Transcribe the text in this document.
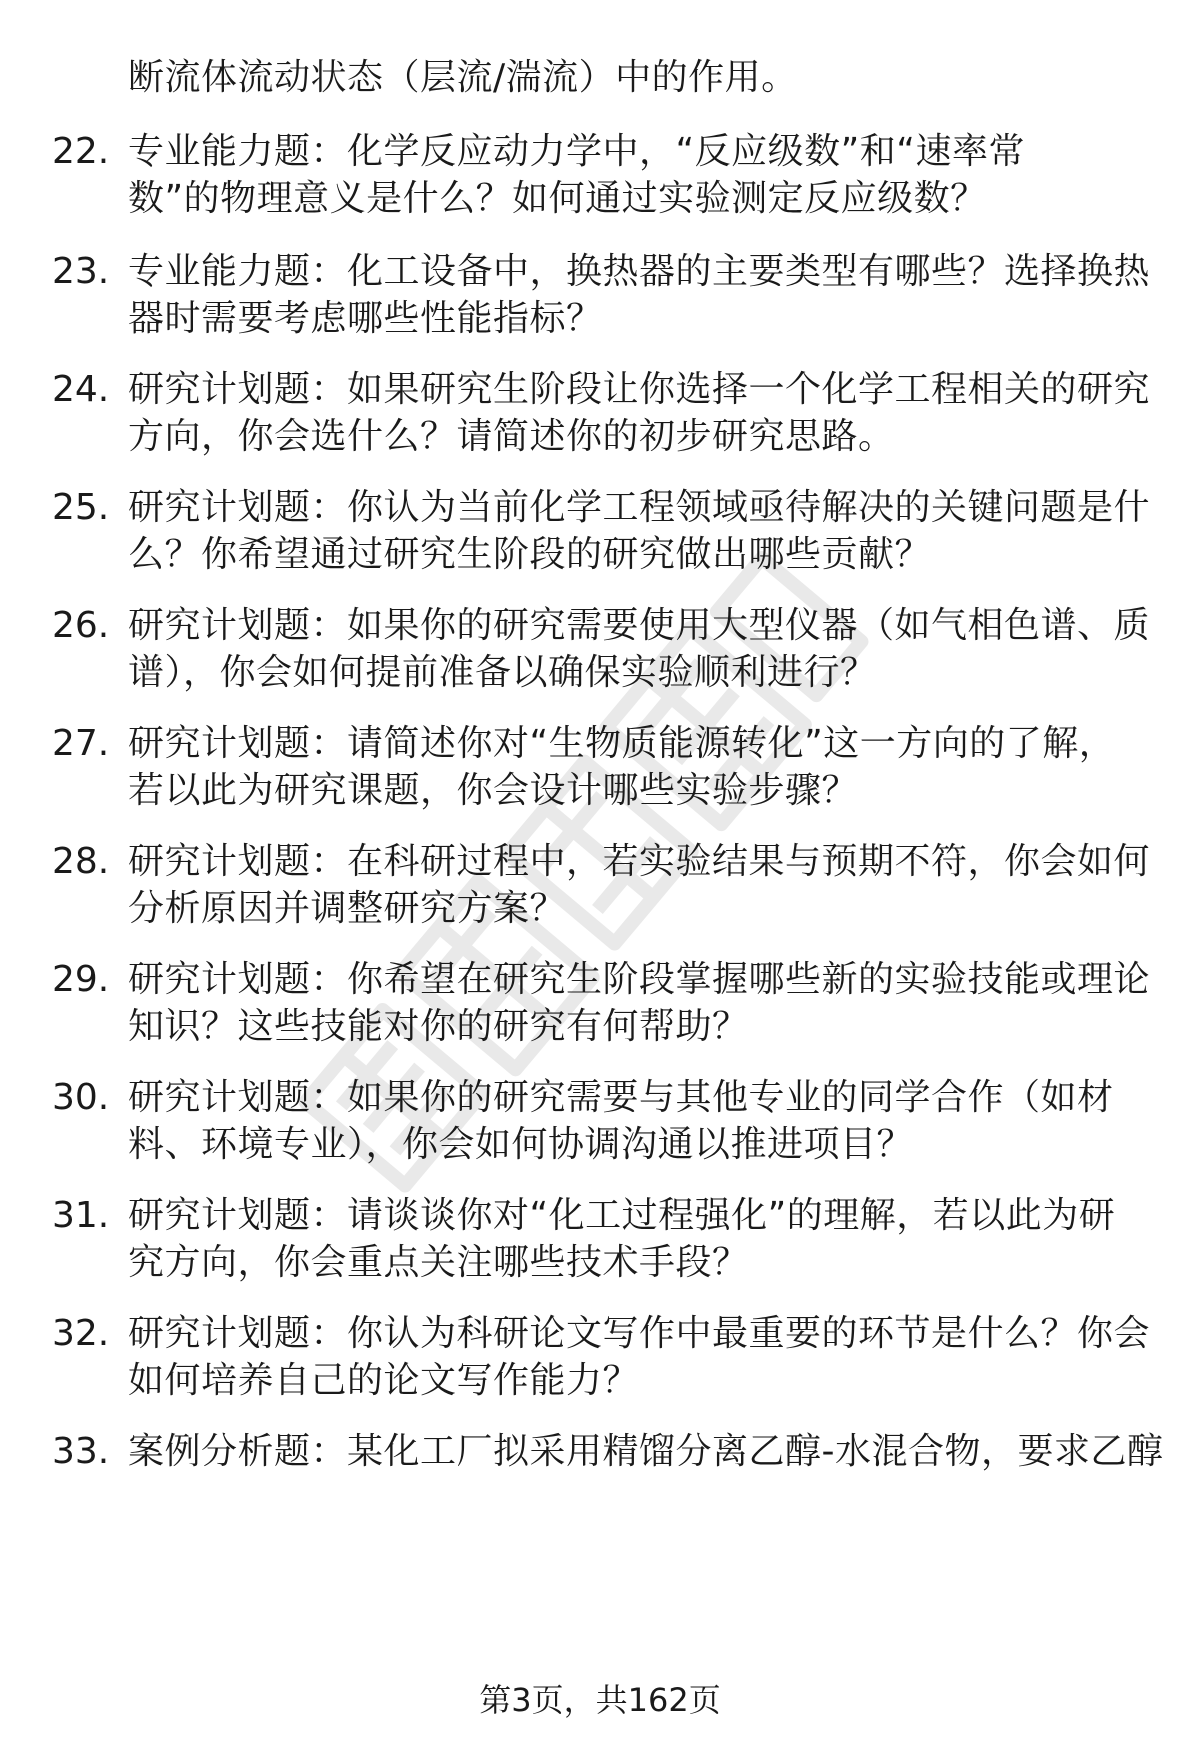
断流体流动状态（层流/湍流）中的作用。
22. 专业能力题：化学反应动力学中，“反应级数”和“速率常
数”的物理意义是什么？如何通过实验测定反应级数？
23. 专业能力题：化工设备中，换热器的主要类型有哪些？选择换热
器时需要考虑哪些性能指标？
24. 研究计划题：如果研究生阶段让你选择一个化学工程相关的研究
方向，你会选什么？请简述你的初步研究思路。
25. 研究计划题：你认为当前化学工程领域亟待解决的关键问题是什
么？你希望通过研究生阶段的研究做出哪些贡献？
26. 研究计划题：如果你的研究需要使用大型仪器（如气相色谱、质
谱），你会如何提前准备以确保实验顺利进行？
27. 研究计划题：请简述你对“生物质能源转化”这一方向的了解，
若以此为研究课题，你会设计哪些实验步骤？
28. 研究计划题：在科研过程中，若实验结果与预期不符，你会如何
分析原因并调整研究方案？
29. 研究计划题：你希望在研究生阶段掌握哪些新的实验技能或理论
知识？这些技能对你的研究有何帮助？
30. 研究计划题：如果你的研究需要与其他专业的同学合作（如材
料、环境专业），你会如何协调沟通以推进项目？
31. 研究计划题：请谈谈你对“化工过程强化”的理解，若以此为研
究方向，你会重点关注哪些技术手段？
32. 研究计划题：你认为科研论文写作中最重要的环节是什么？你会
如何培养自己的论文写作能力？
33. 案例分析题：某化工厂拟采用精馏分离乙醇-水混合物，要求乙醇
第3页，共162页
